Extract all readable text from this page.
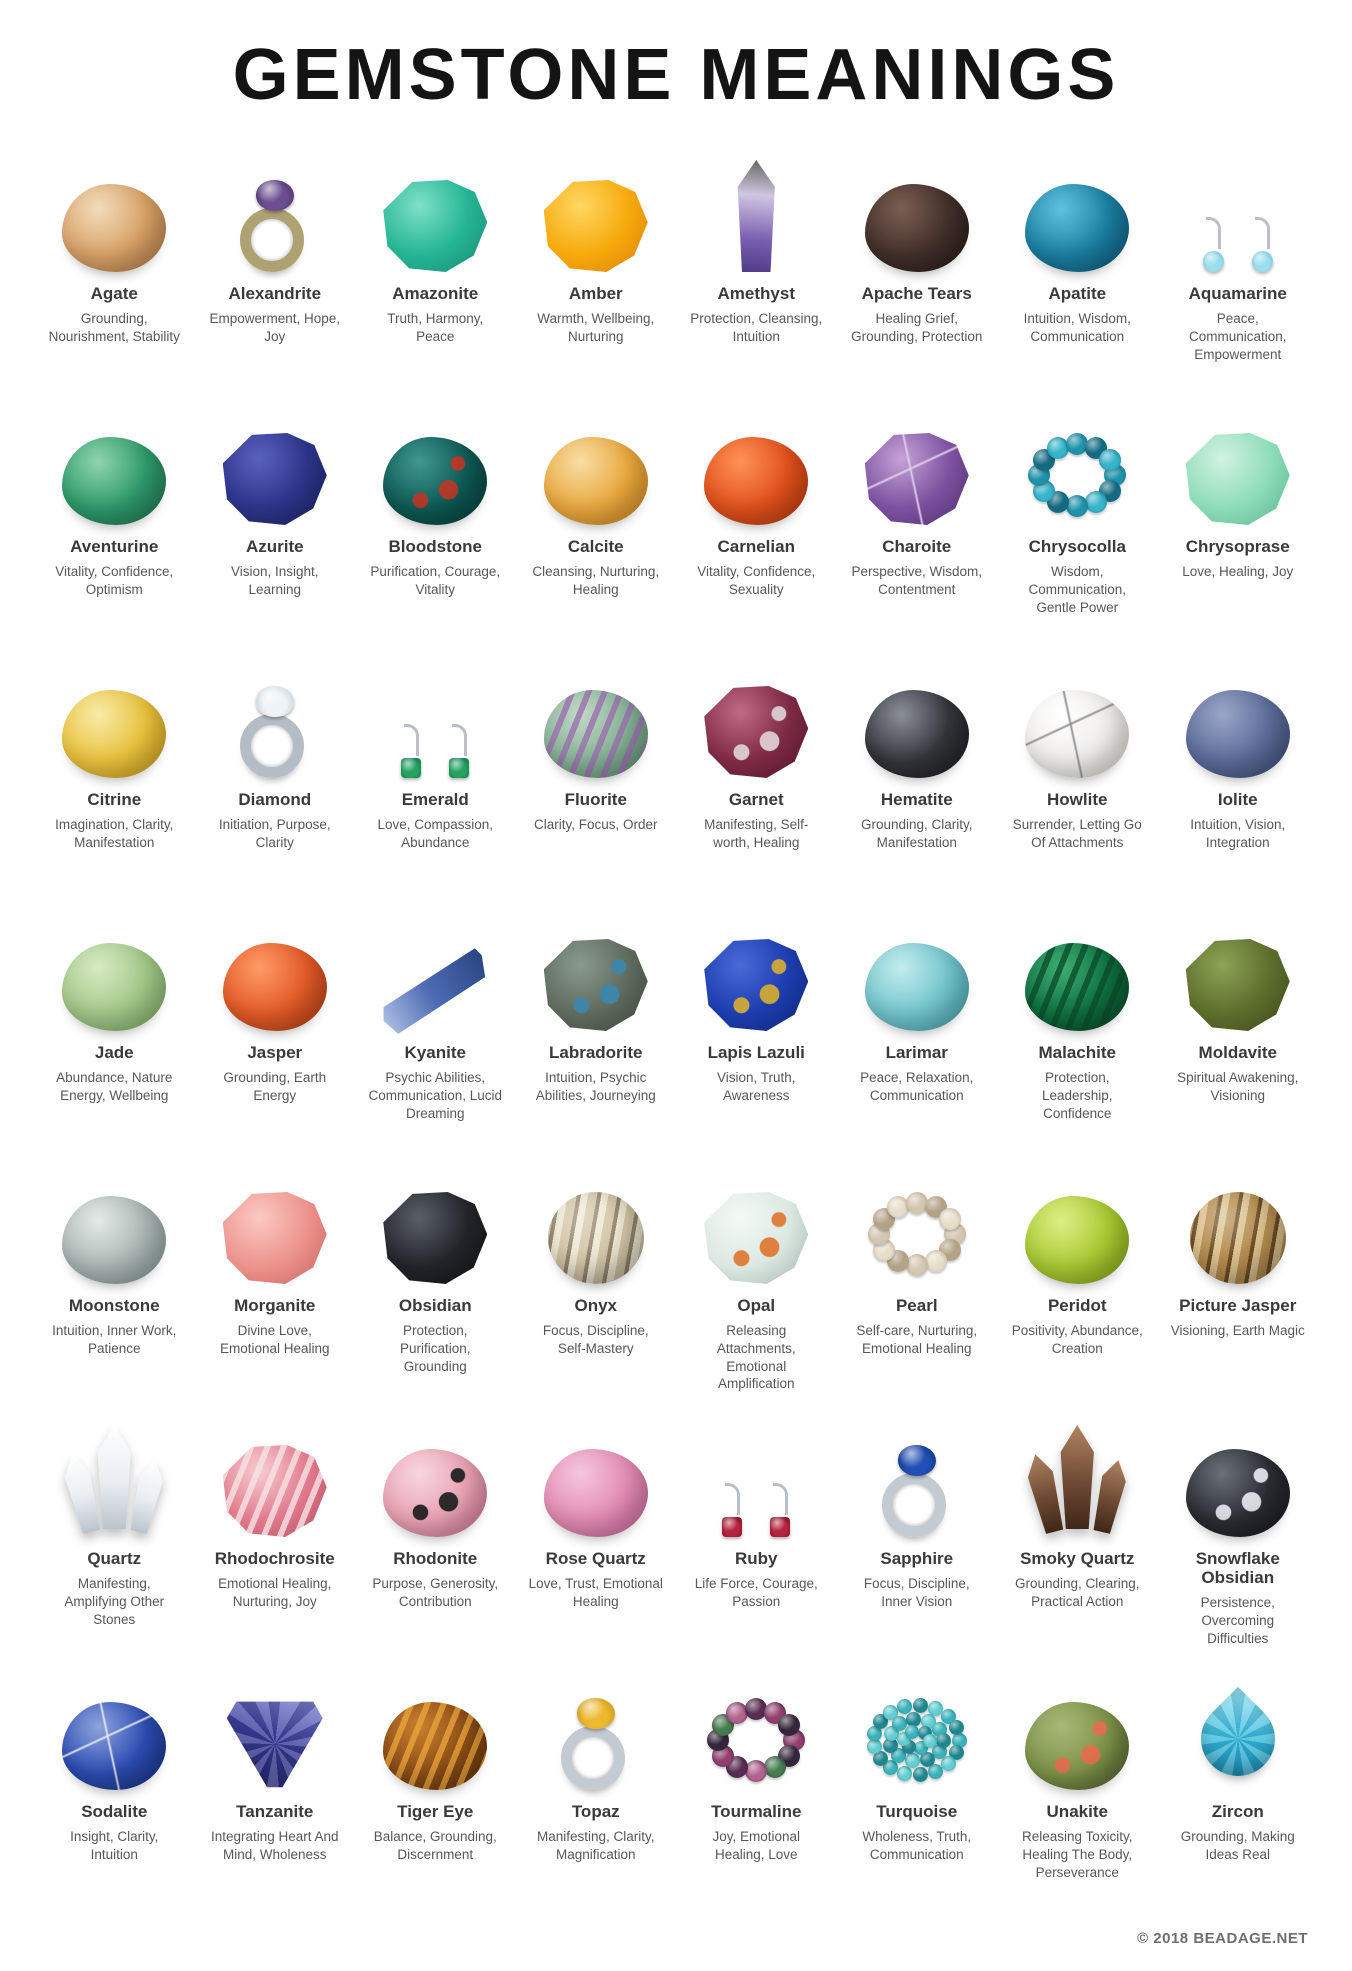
GEMSTONE MEANINGS
Agate
Grounding, Nourishment, Stability
Alexandrite
Empowerment, Hope, Joy
Amazonite
Truth, Harmony, Peace
Amber
Warmth, Wellbeing, Nurturing
Amethyst
Protection, Cleansing, Intuition
Apache Tears
Healing Grief, Grounding, Protection
Apatite
Intuition, Wisdom, Communication
Aquamarine
Peace, Communication, Empowerment
Aventurine
Vitality, Confidence, Optimism
Azurite
Vision, Insight, Learning
Bloodstone
Purification, Courage, Vitality
Calcite
Cleansing, Nurturing, Healing
Carnelian
Vitality, Confidence, Sexuality
Charoite
Perspective, Wisdom, Contentment
Chrysocolla
Wisdom, Communication, Gentle Power
Chrysoprase
Love, Healing, Joy
Citrine
Imagination, Clarity, Manifestation
Diamond
Initiation, Purpose, Clarity
Emerald
Love, Compassion, Abundance
Fluorite
Clarity, Focus, Order
Garnet
Manifesting, Self-worth, Healing
Hematite
Grounding, Clarity, Manifestation
Howlite
Surrender, Letting Go Of Attachments
Iolite
Intuition, Vision, Integration
Jade
Abundance, Nature Energy, Wellbeing
Jasper
Grounding, Earth Energy
Kyanite
Psychic Abilities, Communication, Lucid Dreaming
Labradorite
Intuition, Psychic Abilities, Journeying
Lapis Lazuli
Vision, Truth, Awareness
Larimar
Peace, Relaxation, Communication
Malachite
Protection, Leadership, Confidence
Moldavite
Spiritual Awakening, Visioning
Moonstone
Intuition, Inner Work, Patience
Morganite
Divine Love, Emotional Healing
Obsidian
Protection, Purification, Grounding
Onyx
Focus, Discipline, Self-Mastery
Opal
Releasing Attachments, Emotional Amplification
Pearl
Self-care, Nurturing, Emotional Healing
Peridot
Positivity, Abundance, Creation
Picture Jasper
Visioning, Earth Magic
Quartz
Manifesting, Amplifying Other Stones
Rhodochrosite
Emotional Healing, Nurturing, Joy
Rhodonite
Purpose, Generosity, Contribution
Rose Quartz
Love, Trust, Emotional Healing
Ruby
Life Force, Courage, Passion
Sapphire
Focus, Discipline, Inner Vision
Smoky Quartz
Grounding, Clearing, Practical Action
Snowflake Obsidian
Persistence, Overcoming Difficulties
Sodalite
Insight, Clarity, Intuition
Tanzanite
Integrating Heart And Mind, Wholeness
Tiger Eye
Balance, Grounding, Discernment
Topaz
Manifesting, Clarity, Magnification
Tourmaline
Joy, Emotional Healing, Love
Turquoise
Wholeness, Truth, Communication
Unakite
Releasing Toxicity, Healing The Body, Perseverance
Zircon
Grounding, Making Ideas Real
© 2018 BEADAGE.NET
